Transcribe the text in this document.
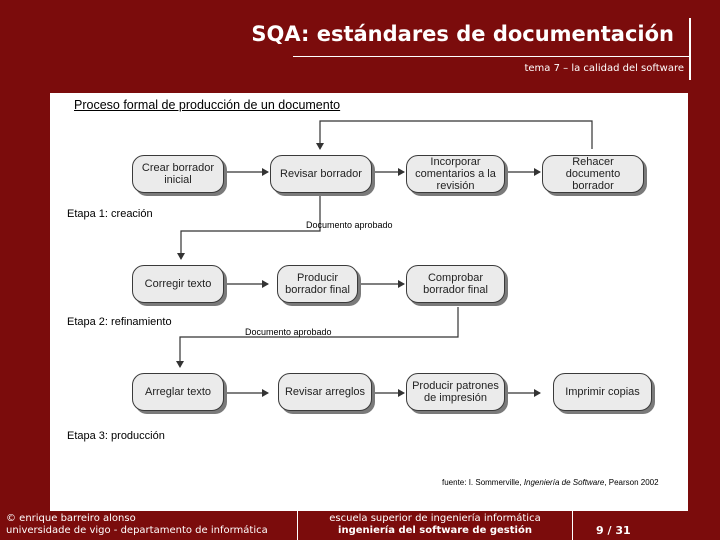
SQA: estándares de documentación
tema 7 – la calidad del software
Proceso formal de producción de un documento
Crear borrador inicial	Revisar borrador
Incorporar comentarios a la revisión
Rehacer documento borrador
Etapa 1: creación
Documento aprobado
Corregir texto	Producir borrador final
Comprobar borrador final
Etapa 2: refinamiento
Documento aprobado
Arreglar texto	Revisar arreglos	Producir patrones de impresión	Imprimir copias
Etapa 3: producción
fuente: I. Sommerville, Ingeniería de Software, Pearson 2002
© enrique barreiro alonso
universidade de vigo - departamento de informática
escuela superior de ingeniería informática
ingeniería del software de gestión	9 / 31
